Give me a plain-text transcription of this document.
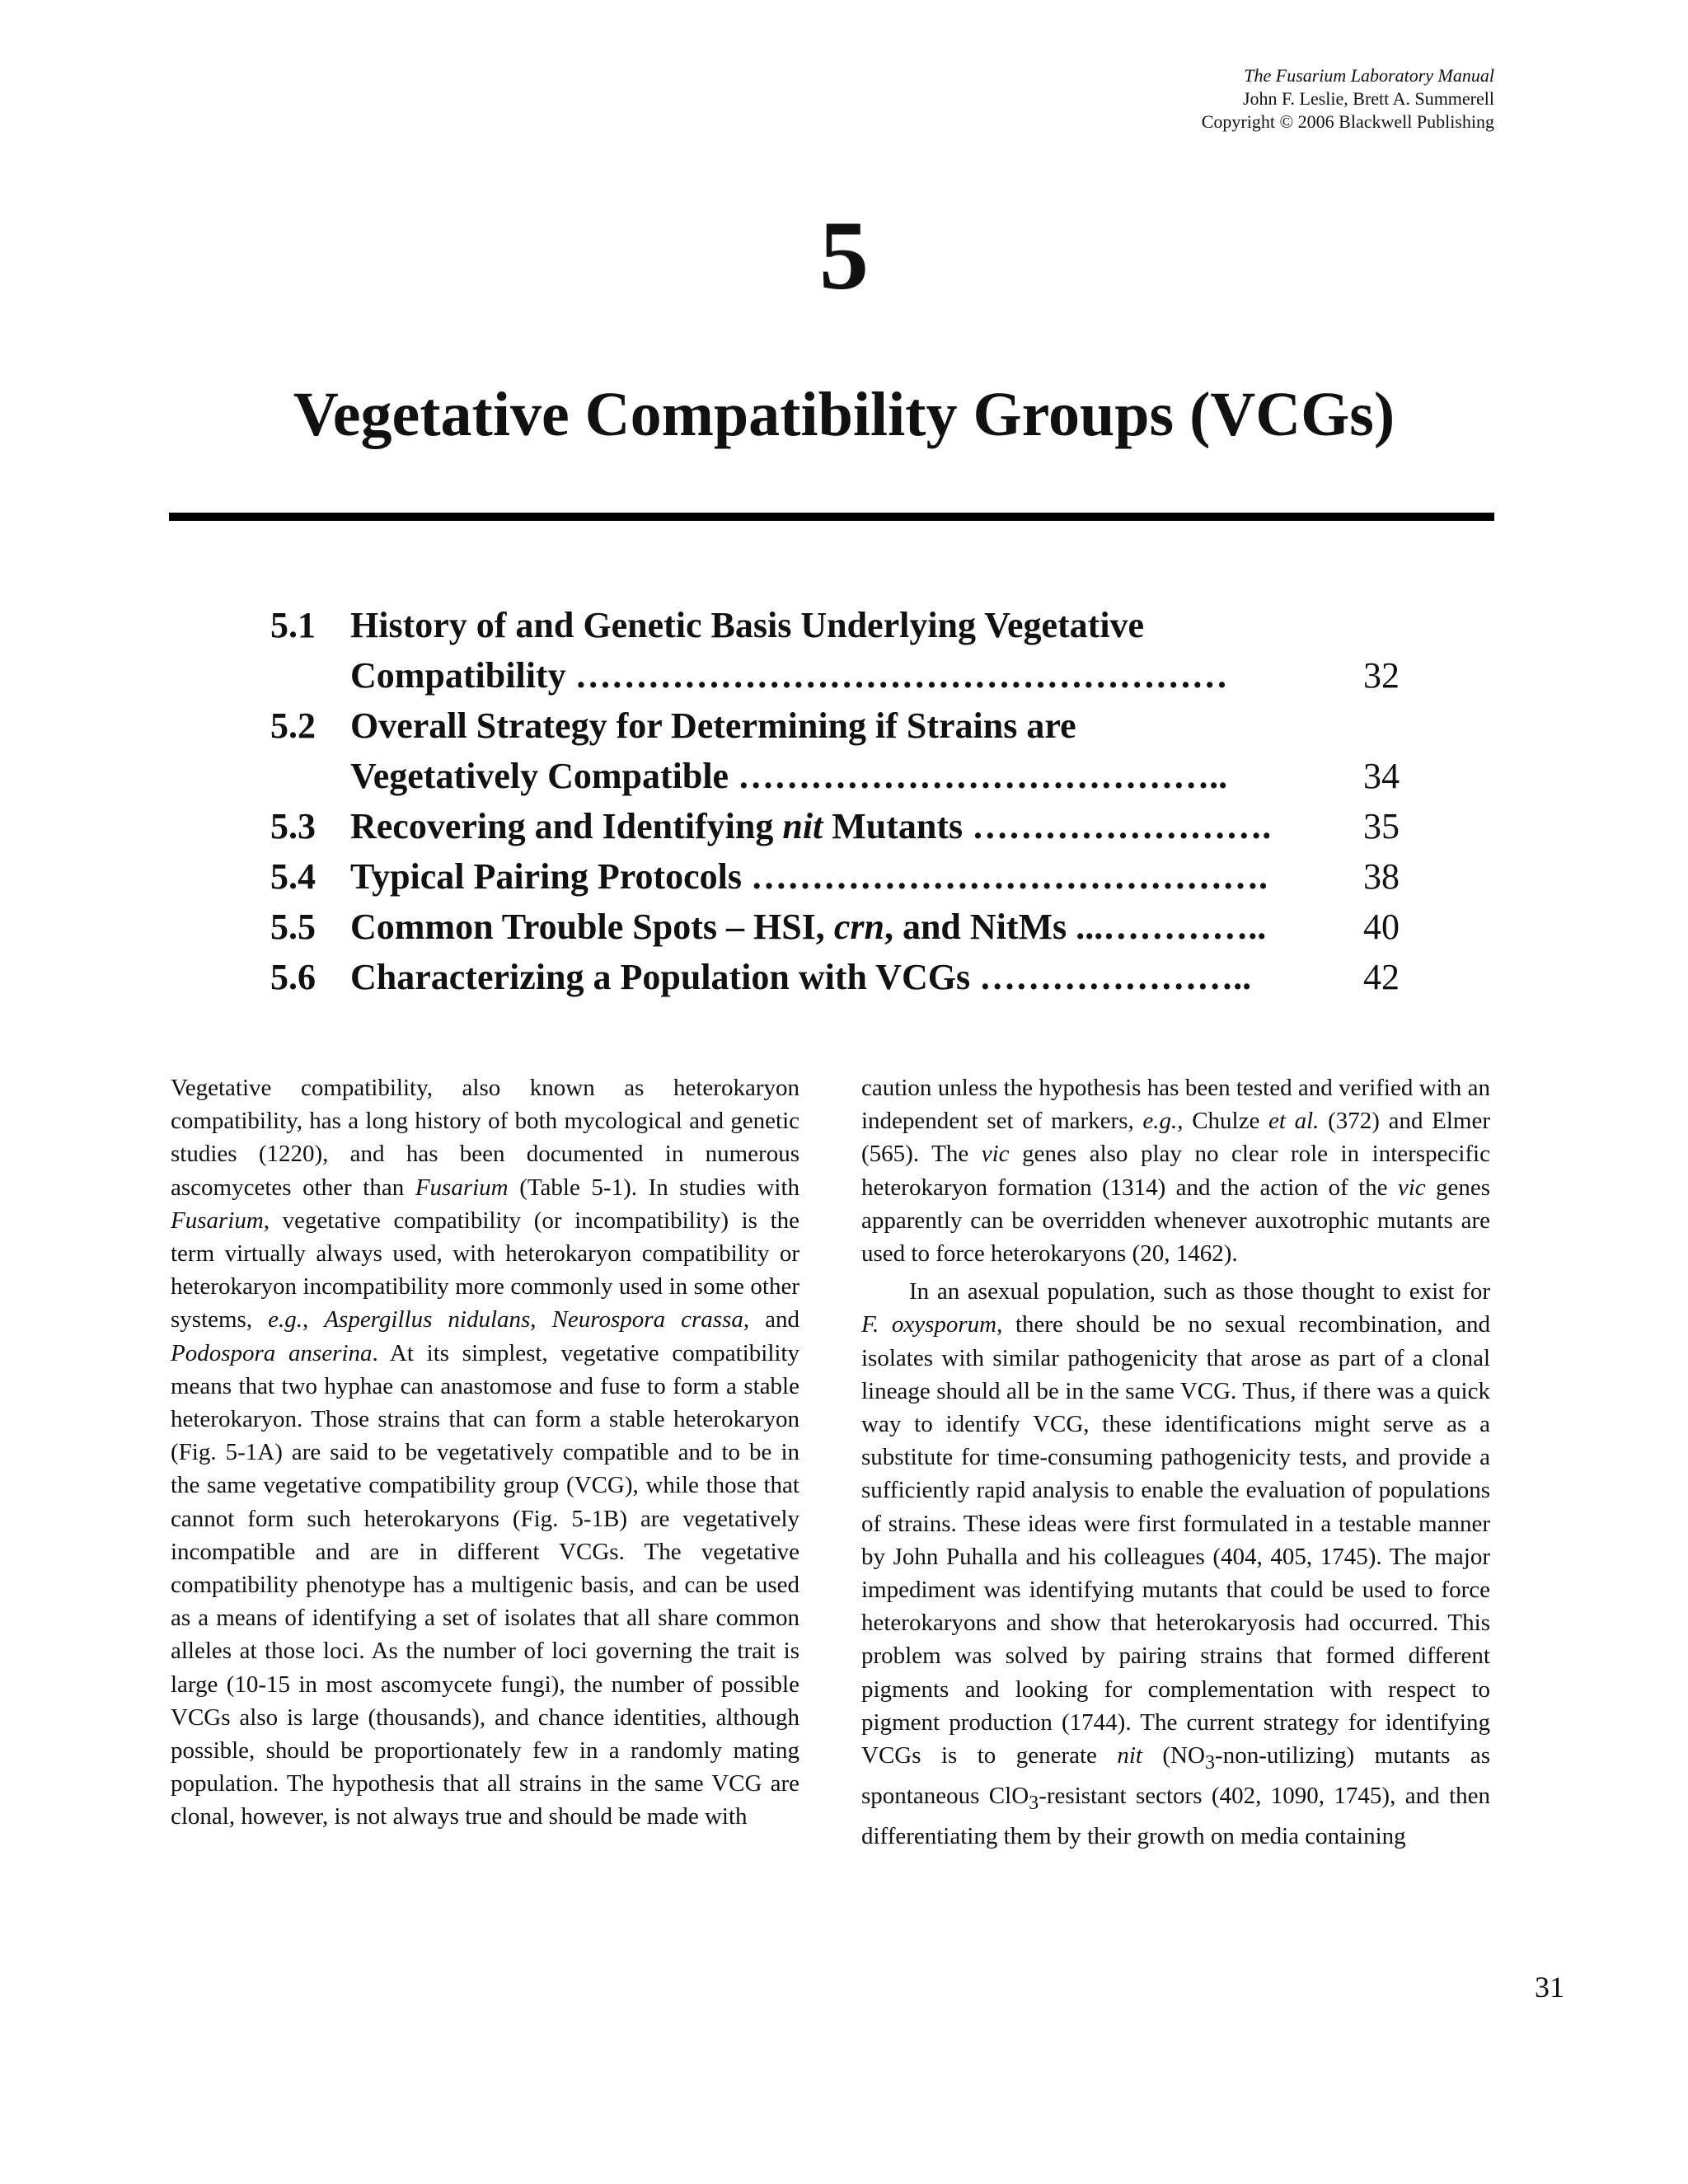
The Fusarium Laboratory Manual
John F. Leslie, Brett A. Summerell
Copyright © 2006 Blackwell Publishing
5
Vegetative Compatibility Groups (VCGs)
5.1 History of and Genetic Basis Underlying Vegetative
Compatibility ………………………………………………	32
5.2 Overall Strategy for Determining if Strains are
Vegetatively Compatible …………………………………..	34
5.3 Recovering and Identifying nit Mutants …………………….	35
5.4 Typical Pairing Protocols …………………………………….	38
5.5 Common Trouble Spots – HSI, crn, and NitMs ...…………..	40
5.6 Characterizing a Population with VCGs …………………..	42

Vegetative compatibility, also known as heterokaryon compatibility, has a long history of both mycological and genetic studies (1220), and has been documented in numerous ascomycetes other than Fusarium (Table 5-1). In studies with Fusarium, vegetative compatibility (or incompatibility) is the term virtually always used, with heterokaryon compatibility or heterokaryon incompatibility more commonly used in some other systems, e.g., Aspergillus nidulans, Neurospora crassa, and Podospora anserina. At its simplest, vegetative compatibility means that two hyphae can anastomose and fuse to form a stable heterokaryon. Those strains that can form a stable heterokaryon (Fig. 5-1A) are said to be vegetatively compatible and to be in the same vegetative compatibility group (VCG), while those that cannot form such heterokaryons (Fig. 5-1B) are vegetatively incompatible and are in different VCGs. The vegetative compatibility phenotype has a multigenic basis, and can be used as a means of identifying a set of isolates that all share common alleles at those loci. As the number of loci governing the trait is large (10-15 in most ascomycete fungi), the number of possible VCGs also is large (thousands), and chance identities, although possible, should be proportionately few in a randomly mating population. The hypothesis that all strains in the same VCG are clonal, however, is not always true and should be made with

caution unless the hypothesis has been tested and verified with an independent set of markers, e.g., Chulze et al. (372) and Elmer (565). The vic genes also play no clear role in interspecific heterokaryon formation (1314) and the action of the vic genes apparently can be overridden whenever auxotrophic mutants are used to force heterokaryons (20, 1462).

In an asexual population, such as those thought to exist for F. oxysporum, there should be no sexual recombination, and isolates with similar pathogenicity that arose as part of a clonal lineage should all be in the same VCG. Thus, if there was a quick way to identify VCG, these identifications might serve as a substitute for time-consuming pathogenicity tests, and provide a sufficiently rapid analysis to enable the evaluation of populations of strains. These ideas were first formulated in a testable manner by John Puhalla and his colleagues (404, 405, 1745). The major impediment was identifying mutants that could be used to force heterokaryons and show that heterokaryosis had occurred. This problem was solved by pairing strains that formed different pigments and looking for complementation with respect to pigment production (1744). The current strategy for identifying VCGs is to generate nit $(NO_3-non-utilizing)$ mutants as spontaneous ClO$_3$-resistant sectors (402, 1090, 1745), and then differentiating them by their growth on media containing

31
